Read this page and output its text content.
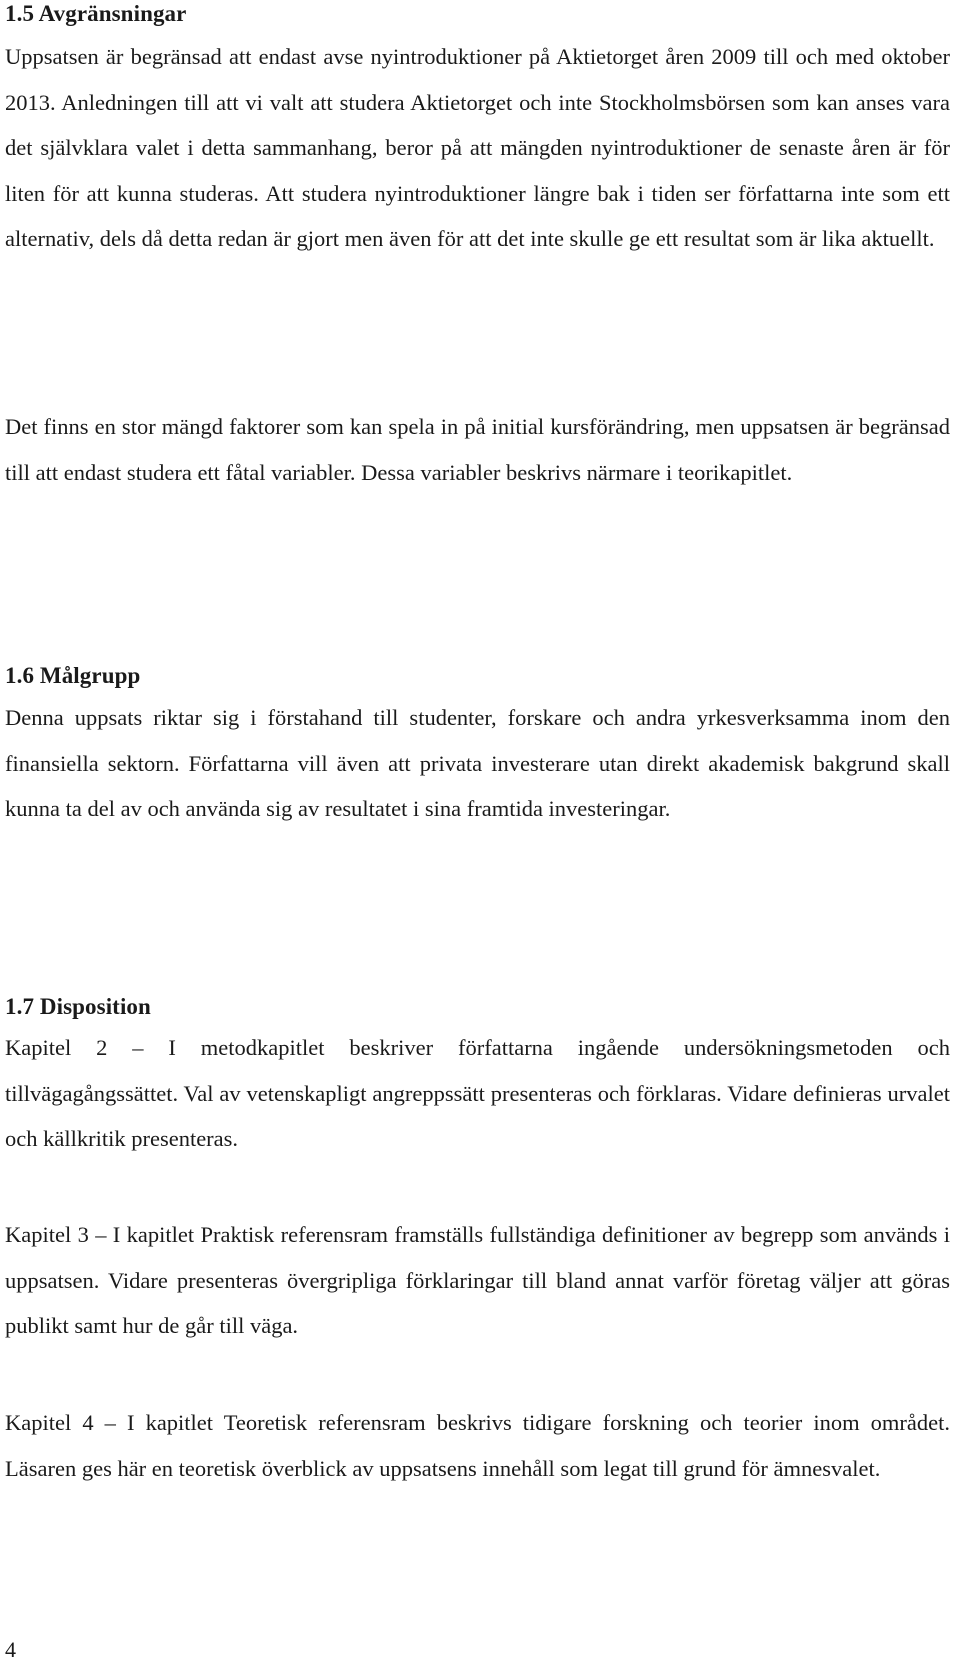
1.5 Avgränsningar

Uppsatsen är begränsad att endast avse nyintroduktioner på Aktietorget åren 2009 till och med oktober 2013. Anledningen till att vi valt att studera Aktietorget och inte Stockholmsbörsen som kan anses vara det självklara valet i detta sammanhang, beror på att mängden nyintroduktioner de senaste åren är för liten för att kunna studeras. Att studera nyintroduktioner längre bak i tiden ser författarna inte som ett alternativ, dels då detta redan är gjort men även för att det inte skulle ge ett resultat som är lika aktuellt.

Det finns en stor mängd faktorer som kan spela in på initial kursförändring, men uppsatsen är begränsad till att endast studera ett fåtal variabler. Dessa variabler beskrivs närmare i teorikapitlet.

1.6 Målgrupp

Denna uppsats riktar sig i förstahand till studenter, forskare och andra yrkesverksamma inom den finansiella sektorn. Författarna vill även att privata investerare utan direkt akademisk bakgrund skall kunna ta del av och använda sig av resultatet i sina framtida investeringar.

1.7 Disposition

Kapitel 2 – I metodkapitlet beskriver författarna ingående undersökningsmetoden och tillvägagångssättet. Val av vetenskapligt angreppssätt presenteras och förklaras. Vidare definieras urvalet och källkritik presenteras.

Kapitel 3 – I kapitlet Praktisk referensram framställs fullständiga definitioner av begrepp som används i uppsatsen. Vidare presenteras övergripliga förklaringar till bland annat varför företag väljer att göras publikt samt hur de går till väga.

Kapitel 4 – I kapitlet Teoretisk referensram beskrivs tidigare forskning och teorier inom området. Läsaren ges här en teoretisk överblick av uppsatsens innehåll som legat till grund för ämnesvalet.

4
